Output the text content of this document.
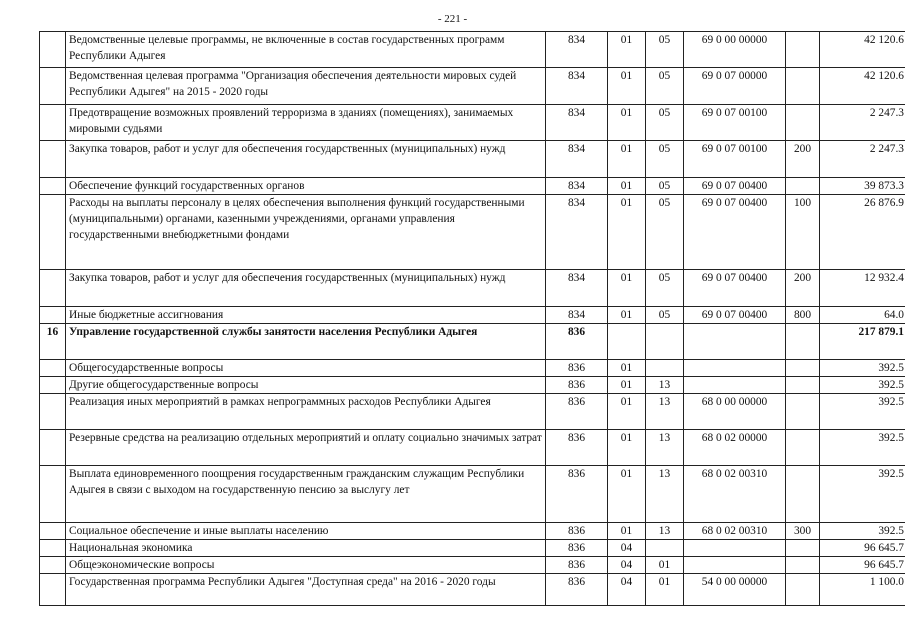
- 221 -
	Ведомственные целевые программы, не включенные в состав государственных программ Республики Адыгея	834	01	05	69 0 00 00000		42 120.6
	Ведомственная целевая программа "Организация обеспечения деятельности мировых судей Республики Адыгея" на 2015 - 2020 годы	834	01	05	69 0 07 00000		42 120.6
	Предотвращение возможных проявлений терроризма в зданиях (помещениях), занимаемых мировыми судьями	834	01	05	69 0 07 00100		2 247.3
	Закупка товаров, работ и услуг для обеспечения государственных (муниципальных) нужд	834	01	05	69 0 07 00100	200	2 247.3
	Обеспечение функций государственных органов	834	01	05	69 0 07 00400		39 873.3
	Расходы на выплаты персоналу в целях обеспечения выполнения функций государственными (муниципальными) органами, казенными учреждениями, органами управления государственными внебюджетными фондами	834	01	05	69 0 07 00400	100	26 876.9
	Закупка товаров, работ и услуг для обеспечения государственных (муниципальных) нужд	834	01	05	69 0 07 00400	200	12 932.4
	Иные бюджетные ассигнования	834	01	05	69 0 07 00400	800	64.0
16	Управление государственной службы занятости населения Республики Адыгея	836					217 879.1
	Общегосударственные вопросы	836	01				392.5
	Другие общегосударственные вопросы	836	01	13			392.5
	Реализация иных мероприятий в рамках непрограммных расходов Республики Адыгея	836	01	13	68 0 00 00000		392.5
	Резервные средства на реализацию отдельных мероприятий и оплату социально значимых затрат	836	01	13	68 0 02 00000		392.5
	Выплата единовременного поощрения государственным гражданским служащим Республики Адыгея в связи с выходом на государственную пенсию за выслугу лет	836	01	13	68 0 02 00310		392.5
	Социальное обеспечение и иные выплаты населению	836	01	13	68 0 02 00310	300	392.5
	Национальная экономика	836	04				96 645.7
	Общеэкономические вопросы	836	04	01			96 645.7
	Государственная программа Республики Адыгея "Доступная среда" на 2016 - 2020 годы	836	04	01	54 0 00 00000		1 100.0
